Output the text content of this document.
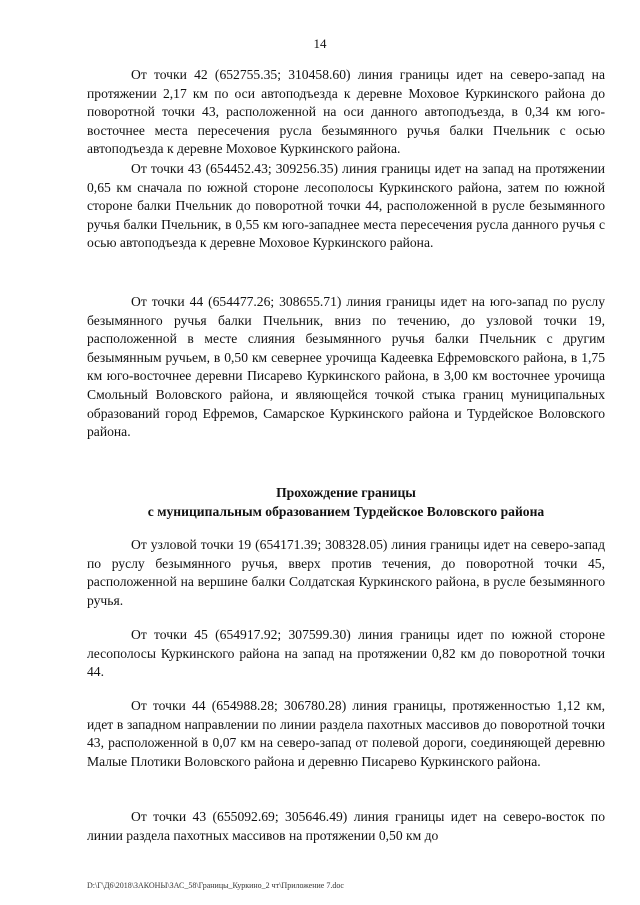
14

От точки 42 (652755.35; 310458.60) линия границы идет на северо-запад на протяжении 2,17 км по оси автоподъезда к деревне Моховое Куркинского района до поворотной точки 43, расположенной на оси данного автоподъезда, в 0,34 км юго-восточнее места пересечения русла безымянного ручья балки Пчельник с осью автоподъезда к деревне Моховое Куркинского района.

От точки 43 (654452.43; 309256.35) линия границы идет на запад на протяжении 0,65 км сначала по южной стороне лесополосы Куркинского района, затем по южной стороне балки Пчельник до поворотной точки 44, расположенной в русле безымянного ручья балки Пчельник, в 0,55 км юго-западнее места пересечения русла данного ручья с осью автоподъезда к деревне Моховое Куркинского района.

От точки 44 (654477.26; 308655.71) линия границы идет на юго-запад по руслу безымянного ручья балки Пчельник, вниз по течению, до узловой точки 19, расположенной в месте слияния безымянного ручья балки Пчельник с другим безымянным ручьем, в 0,50 км севернее урочища Кадеевка Ефремовского района, в 1,75 км юго-восточнее деревни Писарево Куркинского района, в 3,00 км восточнее урочища Смольный Воловского района, и являющейся точкой стыка границ муниципальных образований город Ефремов, Самарское Куркинского района и Турдейское Воловского района.

Прохождение границы

с муниципальным образованием Турдейское Воловского района

От узловой точки 19 (654171.39; 308328.05) линия границы идет на северо-запад по руслу безымянного ручья, вверх против течения, до поворотной точки 45, расположенной на вершине балки Солдатская Куркинского района, в русле безымянного ручья.

От точки 45 (654917.92; 307599.30) линия границы идет по южной стороне лесополосы Куркинского района на запад на протяжении 0,82 км до поворотной точки 44.

От точки 44 (654988.28; 306780.28) линия границы, протяженностью 1,12 км, идет в западном направлении по линии раздела пахотных массивов до поворотной точки 43, расположенной в 0,07 км на северо-запад от полевой дороги, соединяющей деревню Малые Плотики Воловского района и деревню Писарево Куркинского района.

От точки 43 (655092.69; 305646.49) линия границы идет на северо-восток по линии раздела пахотных массивов на протяжении 0,50 км до

D:\Г\Д6\2018\ЗАКОНЫ\ЗАС_58\Границы_Куркино_2 чт\Приложение 7.doc
